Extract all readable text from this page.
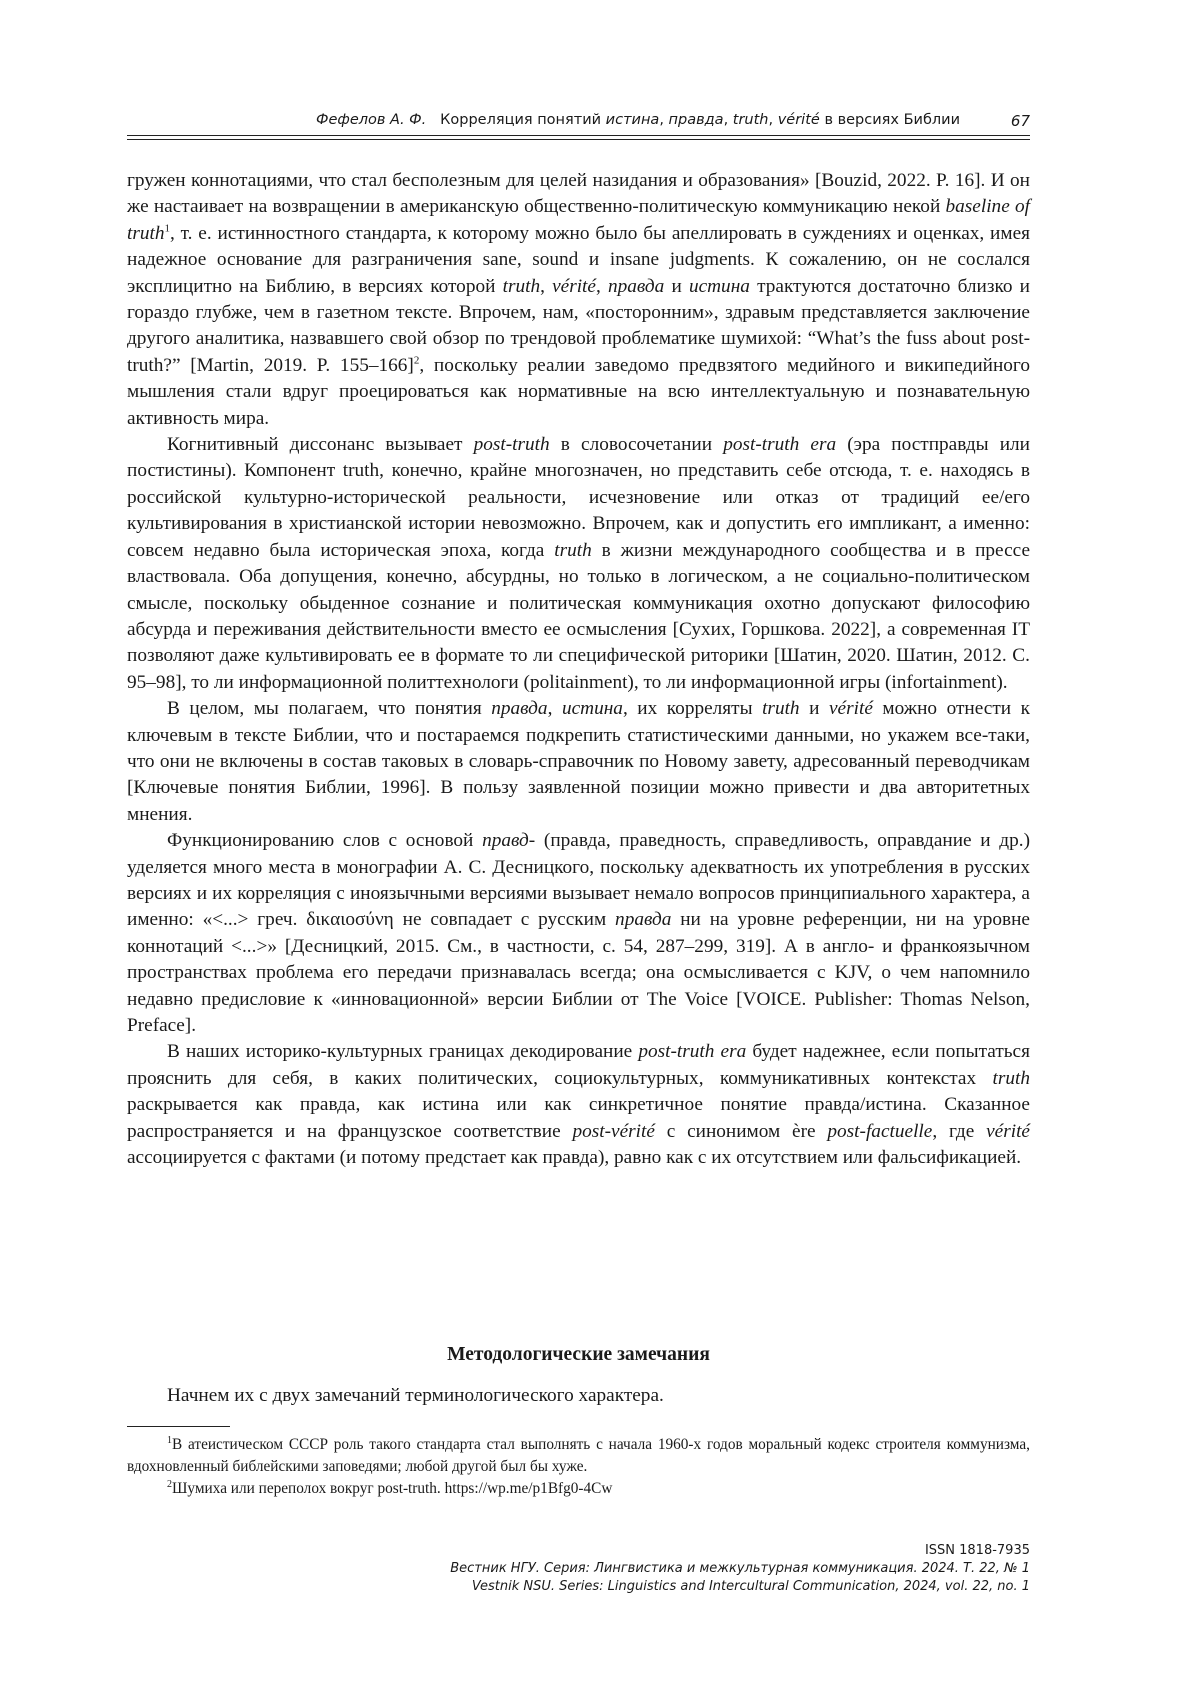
Фефелов А. Ф. Корреляция понятий истина, правда, truth, vérité в версиях Библии	67

гружен коннотациями, что стал бесполезным для целей назидания и образования» [Bouzid, 2022. P. 16]. И он же настаивает на возвращении в американскую общественно-политическую коммуникацию некой baseline of truth$^1$, т. е. истинностного стандарта, к которому можно было бы апеллировать в суждениях и оценках, имея надежное основание для разграничения sane, sound и insane judgments. К сожалению, он не сослался эксплицитно на Библию, в версиях которой truth, vérité, правда и истина трактуются достаточно близко и гораздо глубже, чем в газетном тексте. Впрочем, нам, «посторонним», здравым представляется заключение другого аналитика, назвавшего свой обзор по трендовой проблематике шумихой: “What’s the fuss about post-truth?” [Martin, 2019. P. 155–166]$^2$, поскольку реалии заведомо предвзятого медийного и википедийного мышления стали вдруг проецироваться как нормативные на всю интеллектуальную и познавательную активность мира.

Когнитивный диссонанс вызывает post-truth в словосочетании post-truth era (эра постправды или постистины). Компонент truth, конечно, крайне многозначен, но представить себе отсюда, т. е. находясь в российской культурно-исторической реальности, исчезновение или отказ от традиций ее/его культивирования в христианской истории невозможно. Впрочем, как и допустить его импликант, а именно: совсем недавно была историческая эпоха, когда truth в жизни международного сообщества и в прессе властвовала. Оба допущения, конечно, абсурдны, но только в логическом, а не социально-политическом смысле, поскольку обыденное сознание и политическая коммуникация охотно допускают философию абсурда и переживания действительности вместо ее осмысления [Сухих, Горшкова. 2022], а современная IT позволяют даже культивировать ее в формате то ли специфической риторики [Шатин, 2020. Шатин, 2012. С. 95–98], то ли информационной политтехнологи (politainment), то ли информационной игры (infortainment).

В целом, мы полагаем, что понятия правда, истина, их корреляты truth и vérité можно отнести к ключевым в тексте Библии, что и постараемся подкрепить статистическими данными, но укажем все-таки, что они не включены в состав таковых в словарь-справочник по Новому завету, адресованный переводчикам [Ключевые понятия Библии, 1996]. В пользу заявленной позиции можно привести и два авторитетных мнения.

Функционированию слов с основой правд- (правда, праведность, справедливость, оправдание и др.) уделяется много места в монографии А. С. Десницкого, поскольку адекватность их употребления в русских версиях и их корреляция с иноязычными версиями вызывает немало вопросов принципиального характера, а именно: «<...> греч. δικαιοσύνη не совпадает с русским правда ни на уровне референции, ни на уровне коннотаций <...>» [Десницкий, 2015. См., в частности, с. 54, 287–299, 319]. А в англо- и франкоязычном пространствах проблема его передачи признавалась всегда; она осмысливается с KJV, о чем напомнило недавно предисловие к «инновационной» версии Библии от The Voice [VOICE. Publisher: Thomas Nelson, Preface].

В наших историко-культурных границах декодирование post-truth era будет надежнее, если попытаться прояснить для себя, в каких политических, социокультурных, коммуникативных контекстах truth раскрывается как правда, как истина или как синкретичное понятие правда/истина. Сказанное распространяется и на французское соответствие post-vérité с синонимом ère post-factuelle, где vérité ассоциируется с фактами (и потому предстает как правда), равно как с их отсутствием или фальсификацией.

Методологические замечания
Начнем их с двух замечаний терминологического характера.

$^1$В атеистическом СССР роль такого стандарта стал выполнять с начала 1960-х годов моральный кодекс строителя коммунизма, вдохновленный библейскими заповедями; любой другой был бы хуже.

$^2$Шумиха или переполох вокруг post-truth. https://wp.me/p1Bfg0-4Cw

ISSN 1818-7935
Вестник НГУ. Серия: Лингвистика и межкультурная коммуникация. 2024. Т. 22, № 1
Vestnik NSU. Series: Linguistics and Intercultural Communication, 2024, vol. 22, no. 1
